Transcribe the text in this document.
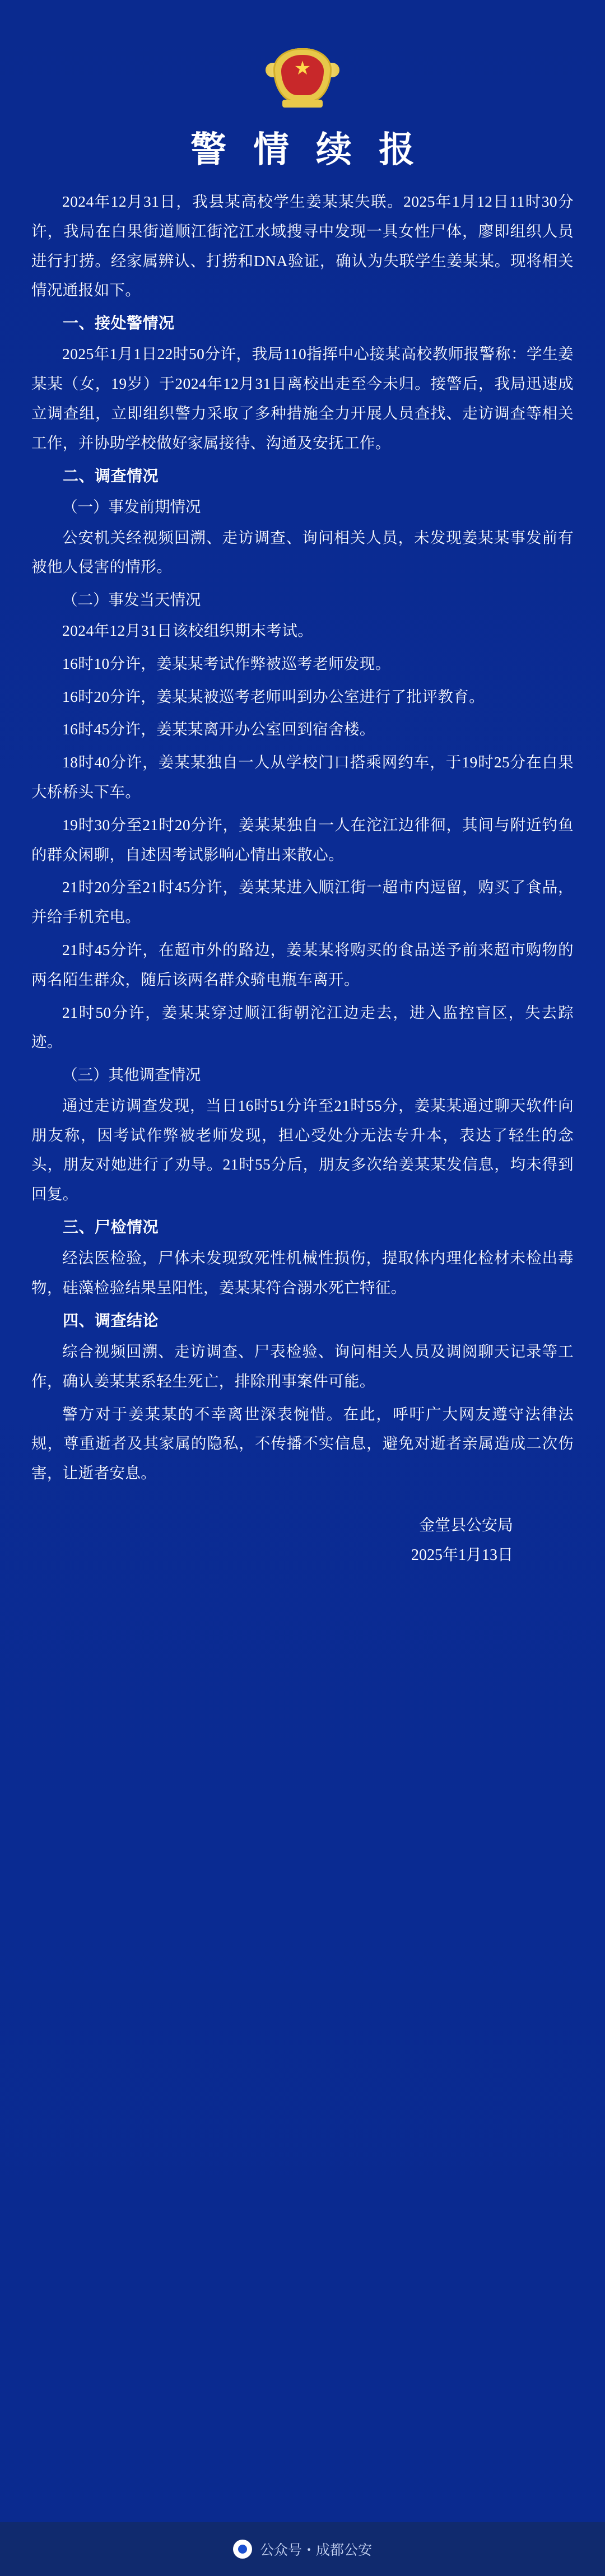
警 情 续 报

2024年12月31日，我县某高校学生姜某某失联。2025年1月12日11时30分许，我局在白果街道顺江街沱江水域搜寻中发现一具女性尸体，廖即组织人员进行打捞。经家属辨认、打捞和DNA验证，确认为失联学生姜某某。现将相关情况通报如下。

一、接处警情况

2025年1月1日22时50分许，我局110指挥中心接某高校教师报警称：学生姜某某（女，19岁）于2024年12月31日离校出走至今未归。接警后，我局迅速成立调查组，立即组织警力采取了多种措施全力开展人员查找、走访调查等相关工作，并协助学校做好家属接待、沟通及安抚工作。

二、调查情况

（一）事发前期情况

公安机关经视频回溯、走访调查、询问相关人员，未发现姜某某事发前有被他人侵害的情形。

（二）事发当天情况

2024年12月31日该校组织期末考试。

16时10分许，姜某某考试作弊被巡考老师发现。

16时20分许，姜某某被巡考老师叫到办公室进行了批评教育。

16时45分许，姜某某离开办公室回到宿舍楼。

18时40分许，姜某某独自一人从学校门口搭乘网约车，于19时25分在白果大桥桥头下车。

19时30分至21时20分许，姜某某独自一人在沱江边徘徊，其间与附近钓鱼的群众闲聊，自述因考试影响心情出来散心。

21时20分至21时45分许，姜某某进入顺江街一超市内逗留，购买了食品，并给手机充电。

21时45分许，在超市外的路边，姜某某将购买的食品送予前来超市购物的两名陌生群众，随后该两名群众骑电瓶车离开。

21时50分许，姜某某穿过顺江街朝沱江边走去，进入监控盲区，失去踪迹。

（三）其他调查情况

通过走访调查发现，当日16时51分许至21时55分，姜某某通过聊天软件向朋友称，因考试作弊被老师发现，担心受处分无法专升本，表达了轻生的念头，朋友对她进行了劝导。21时55分后，朋友多次给姜某某发信息，均未得到回复。

三、尸检情况

经法医检验，尸体未发现致死性机械性损伤，提取体内理化检材未检出毒物，硅藻检验结果呈阳性，姜某某符合溺水死亡特征。

四、调查结论

综合视频回溯、走访调查、尸表检验、询问相关人员及调阅聊天记录等工作，确认姜某某系轻生死亡，排除刑事案件可能。

警方对于姜某某的不幸离世深表惋惜。在此，呼吁广大网友遵守法律法规，尊重逝者及其家属的隐私，不传播不实信息，避免对逝者亲属造成二次伤害，让逝者安息。

金堂县公安局
2025年1月13日
公众号・成都公安
